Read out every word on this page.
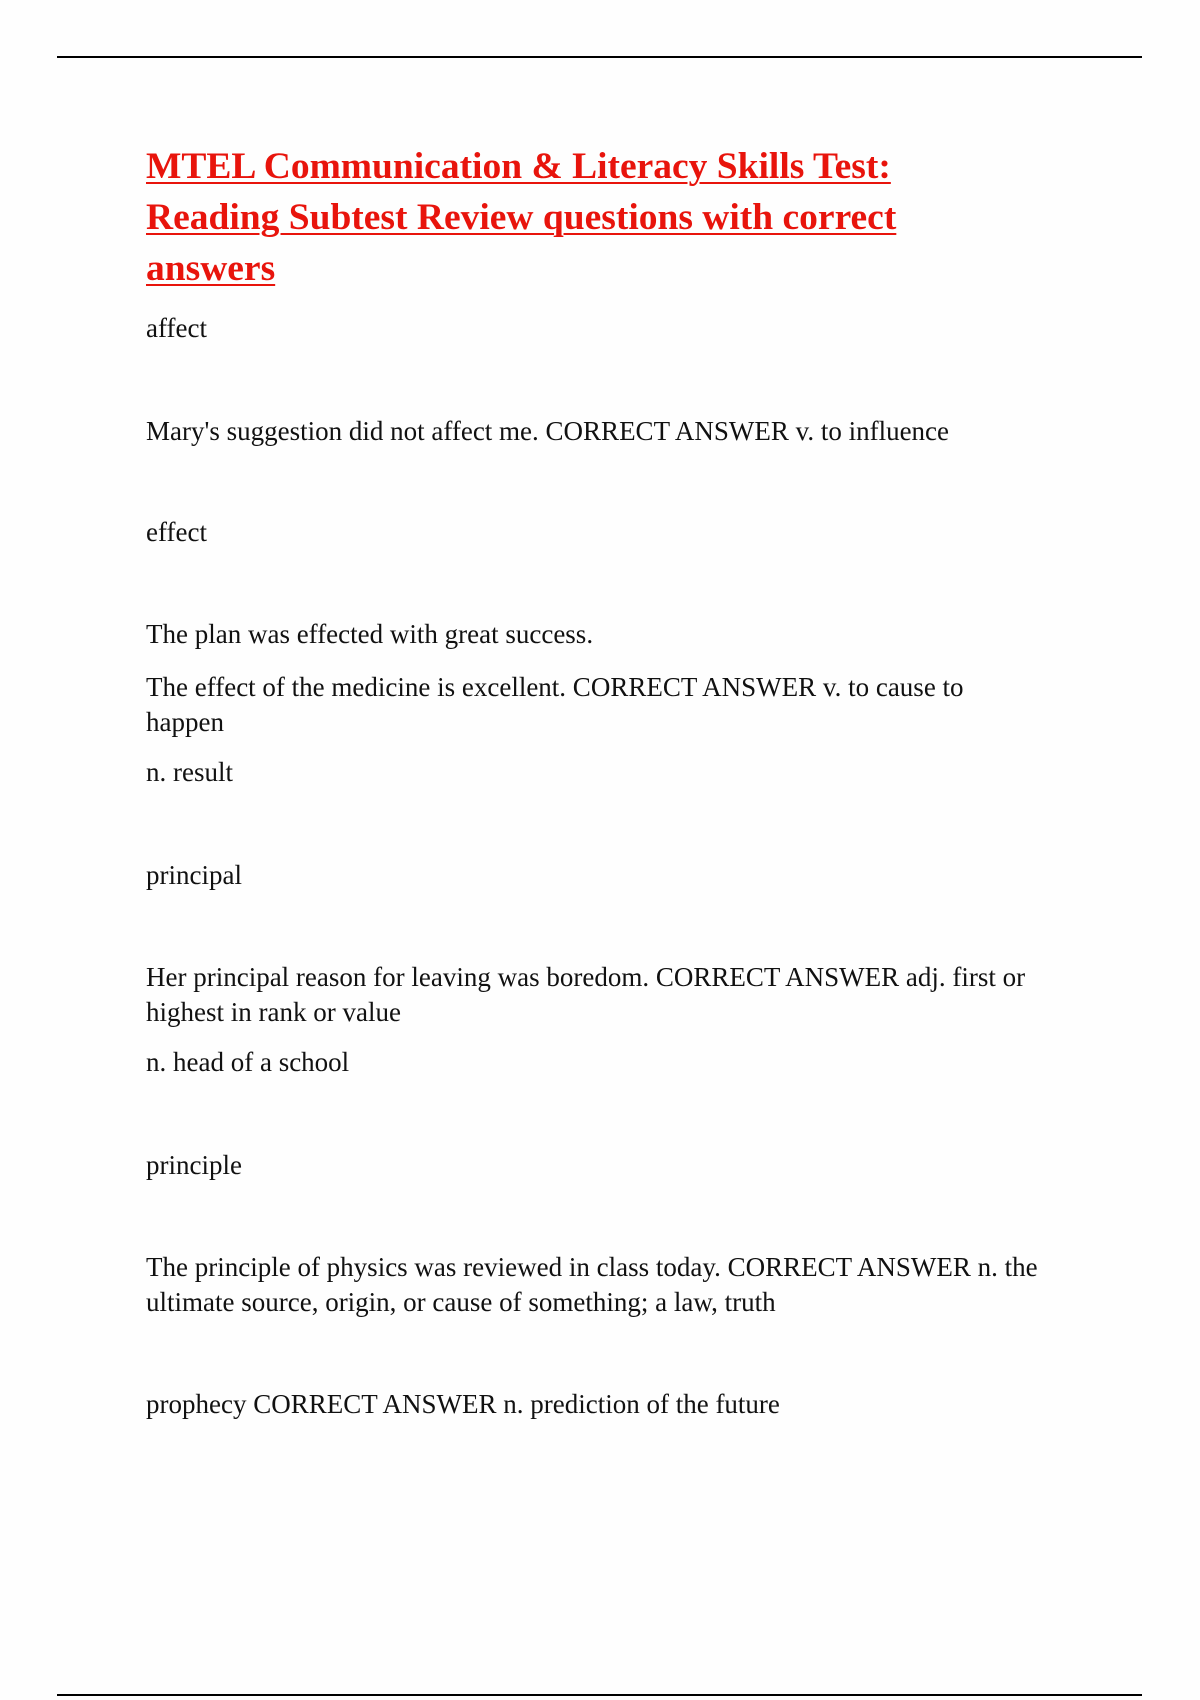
MTEL Communication & Literacy Skills Test:
Reading Subtest Review questions with correct
answers

affect

Mary's suggestion did not affect me. CORRECT ANSWER v. to influence

effect

The plan was effected with great success.

The effect of the medicine is excellent. CORRECT ANSWER v. to cause to
happen

n. result

principal

Her principal reason for leaving was boredom. CORRECT ANSWER adj. first or
highest in rank or value

n. head of a school

principle

The principle of physics was reviewed in class today. CORRECT ANSWER n. the
ultimate source, origin, or cause of something; a law, truth

prophecy CORRECT ANSWER n. prediction of the future
